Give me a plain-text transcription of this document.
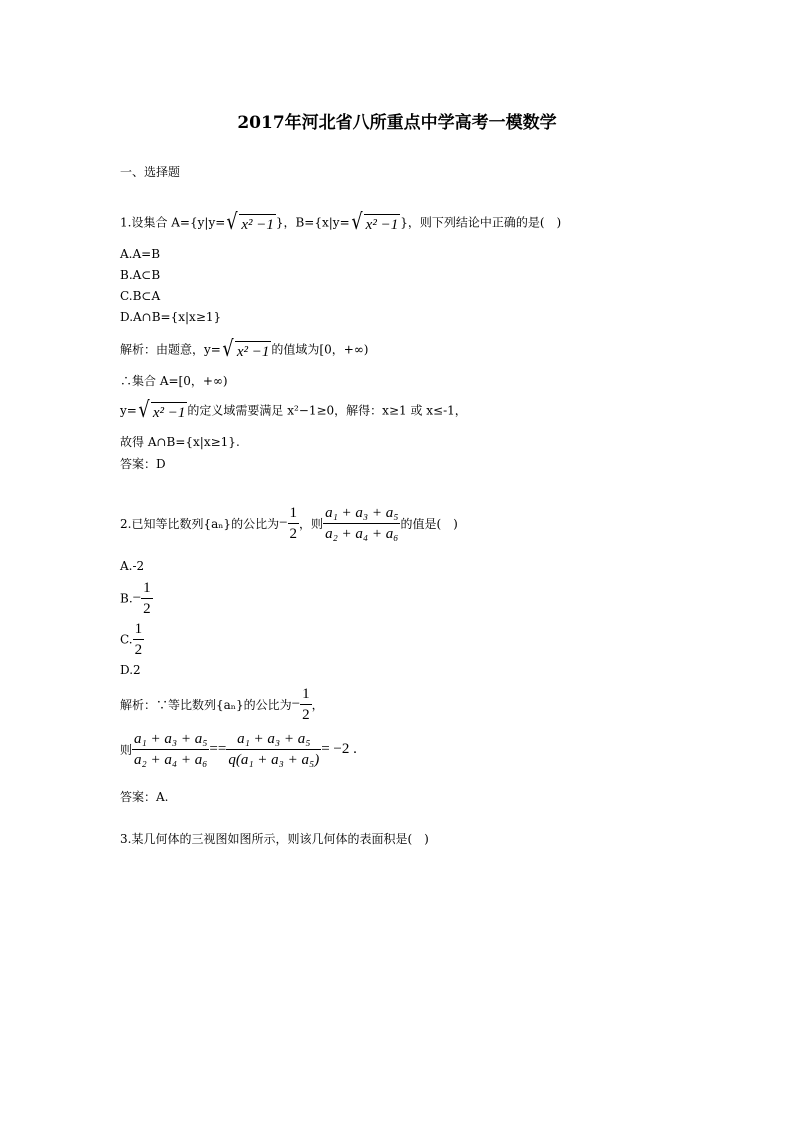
2017年河北省八所重点中学高考一模数学
一、选择题
1.设集合 A={y|y=√ x² −1 }，B={x|y=√ x² −1 }，则下列结论中正确的是(　)
A.A=B
B.A⊂B
C.B⊂A
D.A∩B={x|x≥1}
解析：由题意，y=√ x² −1 的值域为[0，+∞)
∴集合 A=[0，+∞)
y=√ x² −1 的定义域需要满足 x²−1≥0，解得：x≥1 或 x≤-1，
故得 A∩B={x|x≥1}.
答案：D
2.已知等比数列{aₙ}的公比为− $\frac{1}{2}$ ，则 $\frac{\text{a₁ + a₃ + a₅}}{\text{a₂ + a₄ + a₆}}$ 的值是(　)
A.-2
$B.- \frac{1}{2}$
C. $\frac{1}{2}$
D.2
解析：∵等比数列{aₙ}的公比为− $\frac{1}{2}$ ，
则 $\frac{\text{a₁ + a₃ + a₅}}{\text{a₂ + a₄ + a₆}} == \frac{\text{a₁ + a₃ + a₅}}{\text{q(a₁ + a₃ + a₅)}} = -2$ .
答案：A.
3.某几何体的三视图如图所示，则该几何体的表面积是(　)
